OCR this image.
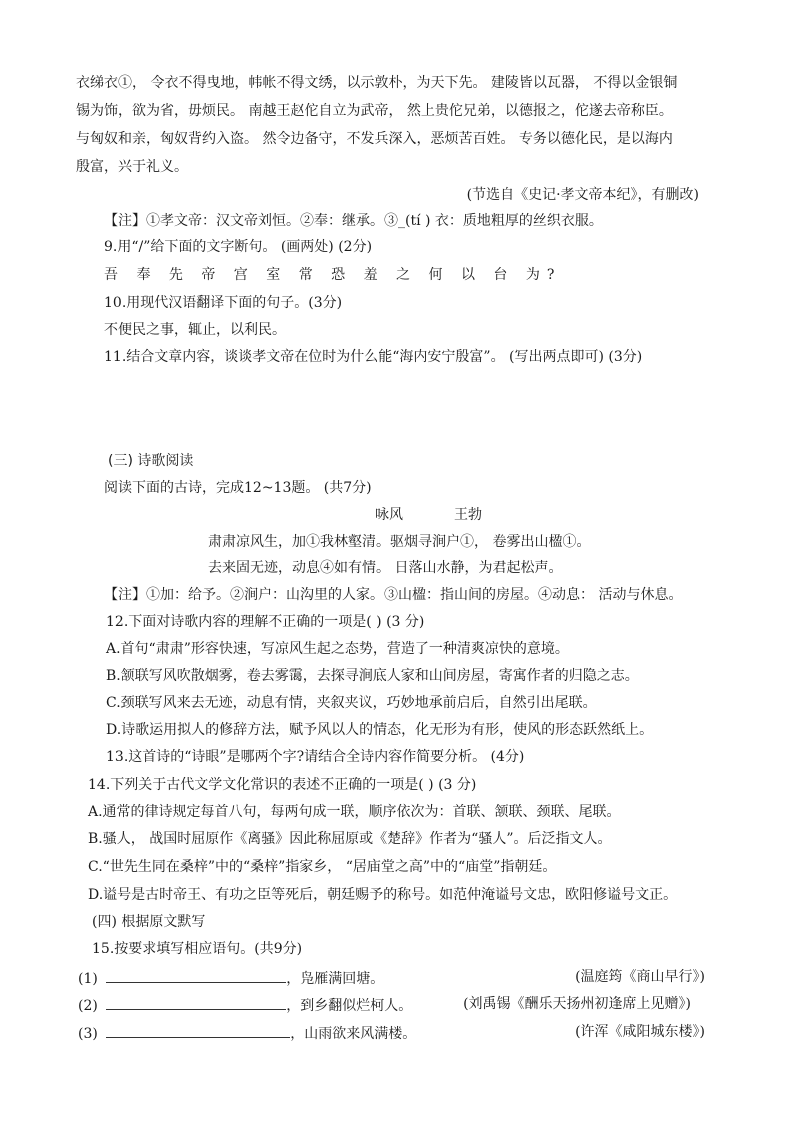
衣绨衣①， 令衣不得曳地，帏帐不得文绣，以示敦朴，为天下先。 建陵皆以瓦器， 不得以金银铜
锡为饰，欲为省，毋烦民。 南越王赵佗自立为武帝， 然上贵佗兄弟，以德报之，佗遂去帝称臣。
与匈奴和亲，匈奴背约入盗。 然令边备守，不发兵深入，恶烦苦百姓。 专务以德化民，是以海内
殷富，兴于礼义。
(节选自《史记·孝文帝本纪》，有删改)
【注】①孝文帝：汉文帝刘恒。②奉：继承。③_(tí ) 衣：质地粗厚的丝织衣服。
9.用“/”给下面的文字断句。 (画两处) (2分)
吾 奉 先 帝 宫 室 常 恐 羞 之 何 以 台 为?
10.用现代汉语翻译下面的句子。(3分)
不便民之事，辄止，以利民。
11.结合文章内容，谈谈孝文帝在位时为什么能“海内安宁殷富”。 (写出两点即可) (3分)
(三) 诗歌阅读
阅读下面的古诗，完成12~13题。 (共7分)
咏风	王勃
肃肃凉风生，加①我林壑清。驱烟寻涧户①， 卷雾出山楹①。
去来固无迹，动息④如有情。 日落山水静，为君起松声。
【注】①加：给予。②涧户：山沟里的人家。③山楹：指山间的房屋。④动息： 活动与休息。
12.下面对诗歌内容的理解不正确的一项是( ) (3 分)
A.首句“肃肃”形容快速，写凉风生起之态势，营造了一种清爽凉快的意境。
B.颔联写风吹散烟雾，卷去雾霭，去探寻涧底人家和山间房屋，寄寓作者的归隐之志。
C.颈联写风来去无迹，动息有情，夹叙夹议，巧妙地承前启后，自然引出尾联。
D.诗歌运用拟人的修辞方法，赋予风以人的情态，化无形为有形，使风的形态跃然纸上。
13.这首诗的“诗眼”是哪两个字?请结合全诗内容作简要分析。 (4分)
14.下列关于古代文学文化常识的表述不正确的一项是( ) (3 分)
A.通常的律诗规定每首八句，每两句成一联，顺序依次为：首联、颔联、颈联、尾联。
B.骚人， 战国时屈原作《离骚》因此称屈原或《楚辞》作者为“骚人”。后泛指文人。
C.“世先生同在桑梓”中的“桑梓”指家乡， “居庙堂之高”中的“庙堂”指朝廷。
D.谥号是古时帝王、有功之臣等死后，朝廷赐予的称号。如范仲淹谥号文忠，欧阳修谥号文正。
(四) 根据原文默写
15.按要求填写相应语句。(共9分)
(1)	，凫雁满回塘。	(温庭筠《商山早行》)
(2)	，到乡翻似烂柯人。	(刘禹锡《酬乐天扬州初逢席上见赠》)
(3)	，山雨欲来风满楼。	(许浑《咸阳城东楼》)
